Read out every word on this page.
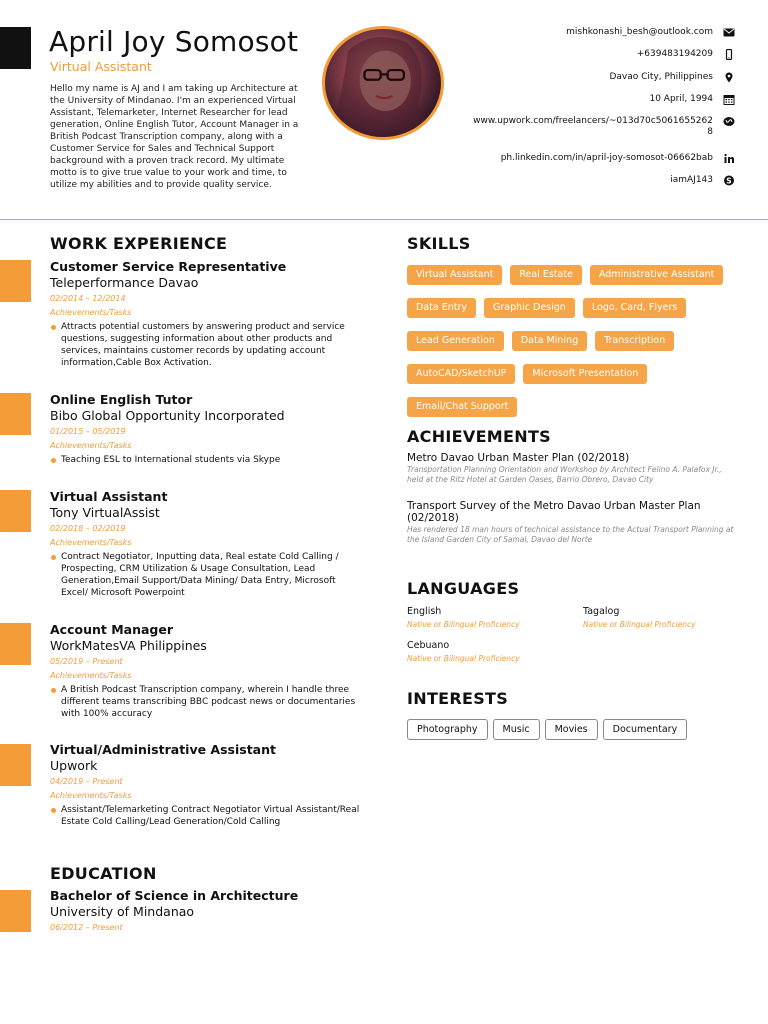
April Joy Somosot
Virtual Assistant

Hello my name is AJ and I am taking up Architecture at the University of Mindanao. I'm an experienced Virtual Assistant, Telemarketer, Internet Researcher for lead generation, Online English Tutor, Account Manager in a British Podcast Transcription company, along with a Customer Service for Sales and Technical Support background with a proven track record. My ultimate motto is to give true value to your work and time, to utilize my abilities and to provide quality service.

mishkonashi_besh@outlook.com
+639483194209
Davao City, Philippines
10 April, 1994
www.upwork.com/freelancers/~013d70c50616552628
ph.linkedin.com/in/april-joy-somosot-06662bab
iamAJ143 S
WORK EXPERIENCE
Customer Service Representative
Teleperformance Davao
02/2014 – 12/2014
Achievements/Tasks
Attracts potential customers by answering product and service questions, suggesting information about other products and services, maintains customer records by updating account information,Cable Box Activation.
Online English Tutor
Bibo Global Opportunity Incorporated
01/2015 – 05/2019
Achievements/Tasks
Teaching ESL to International students via Skype
Virtual Assistant
Tony VirtualAssist
02/2018 – 02/2019
Achievements/Tasks
Contract Negotiator, Inputting data, Real estate Cold Calling / Prospecting, CRM Utilization & Usage Consultation, Lead Generation,Email Support/Data Mining/ Data Entry, Microsoft Excel/ Microsoft Powerpoint
Account Manager
WorkMatesVA Philippines
05/2019 – Present
Achievements/Tasks
A British Podcast Transcription company, wherein I handle three different teams transcribing BBC podcast news or documentaries with 100% accuracy
Virtual/Administrative Assistant
Upwork
04/2019 – Present
Achievements/Tasks
Assistant/Telemarketing Contract Negotiator Virtual Assistant/Real Estate Cold Calling/Lead Generation/Cold Calling
EDUCATION
Bachelor of Science in Architecture
University of Mindanao
06/2012 – Present
SKILLS
Virtual Assistant	Real Estate	Administrative Assistant
Data Entry	Graphic Design	Logo, Card, Flyers
Lead Generation	Data Mining	Transcription
AutoCAD/SketchUP	Microsoft Presentation
Email/Chat Support
ACHIEVEMENTS
Metro Davao Urban Master Plan (02/2018)
Transportation Planning Orientation and Workshop by Architect Felino A. Palafox Jr., held at the Ritz Hotel at Garden Oases, Barrio Obrero, Davao City
Transport Survey of the Metro Davao Urban Master Plan (02/2018)
Has rendered 18 man hours of technical assistance to the Actual Transport Planning at the Island Garden City of Samal, Davao del Norte
LANGUAGES
English
Native or Bilingual Proficiency
Tagalog
Native or Bilingual Proficiency
Cebuano
Native or Bilingual Proficiency
INTERESTS
Photography	Music	Movies	Documentary
